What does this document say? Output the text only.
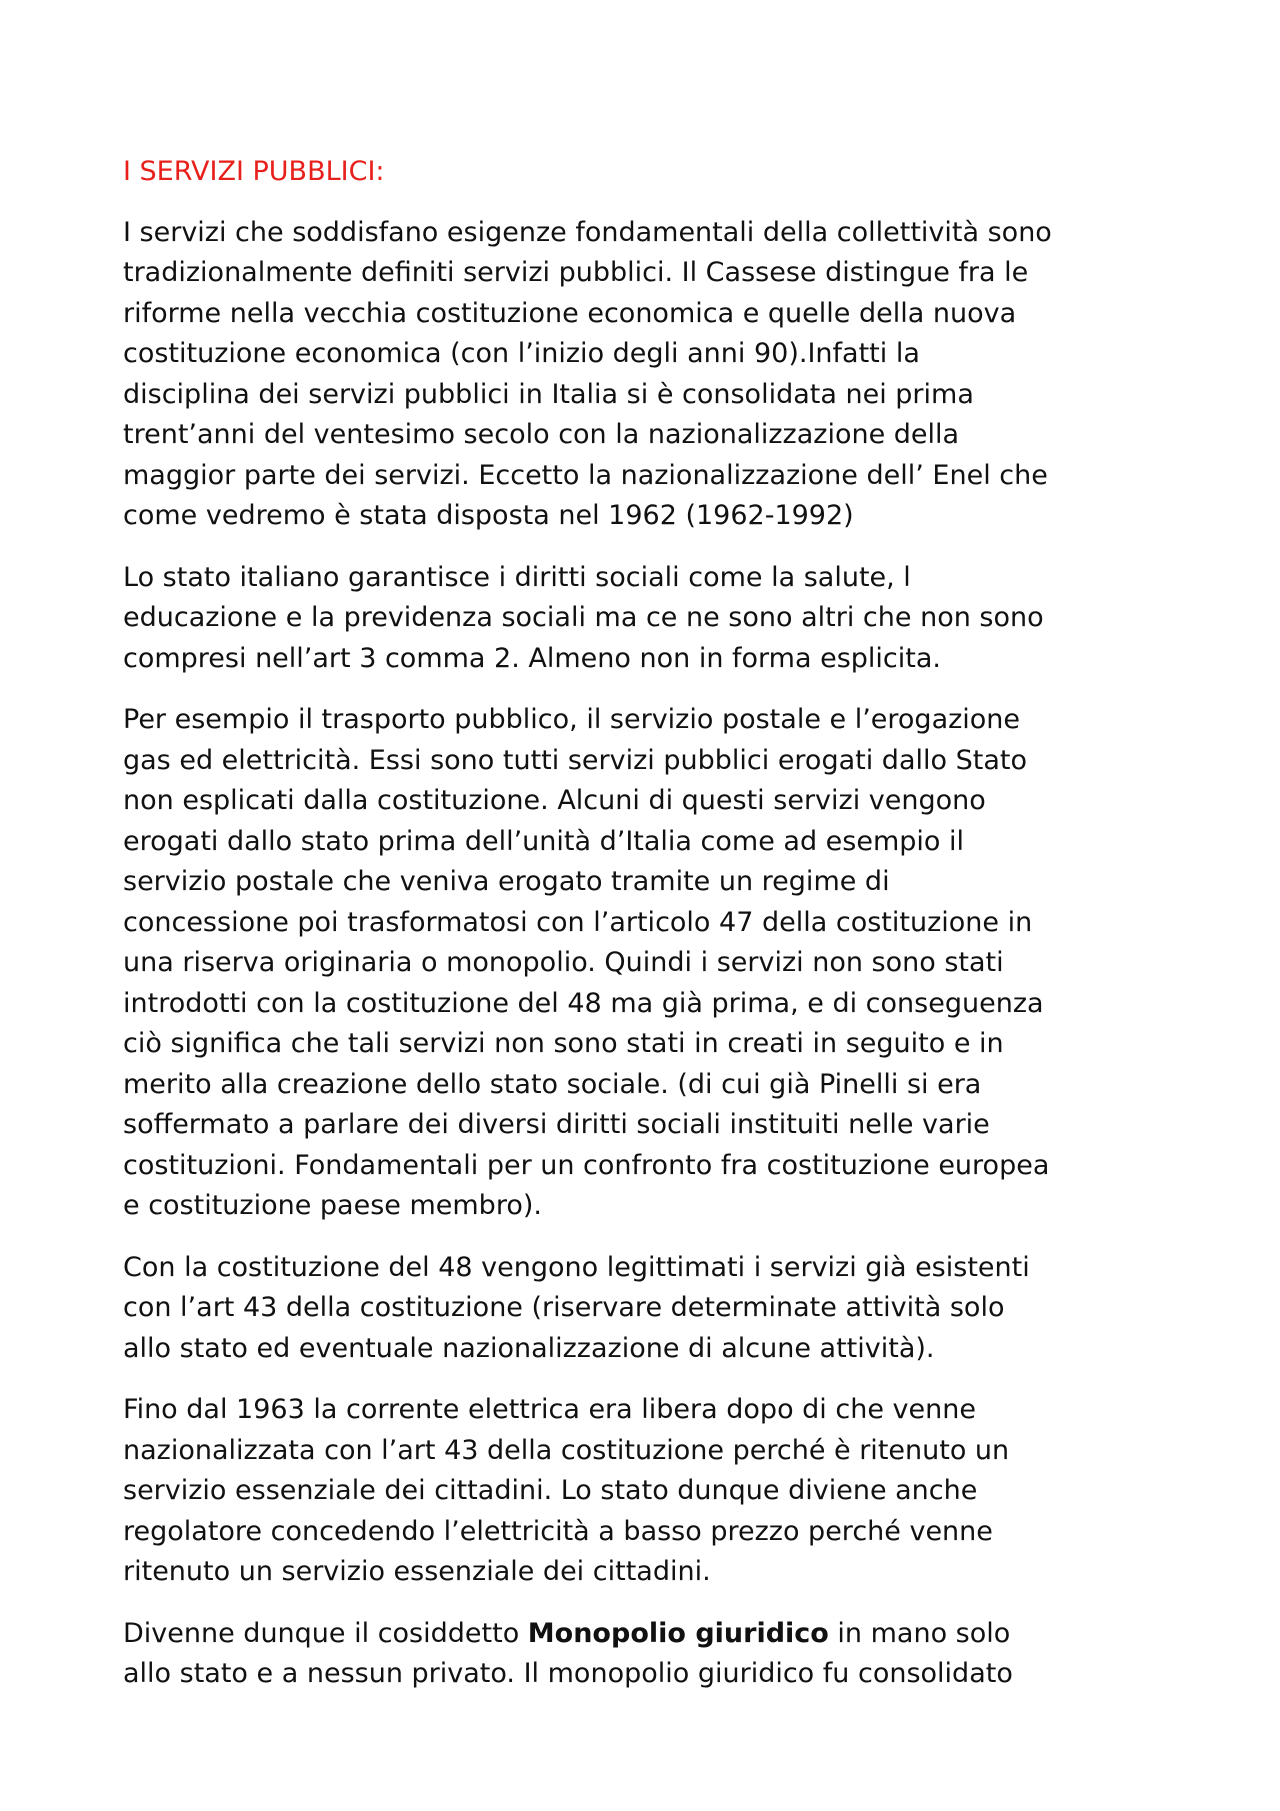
I SERVIZI PUBBLICI:
I servizi che soddisfano esigenze fondamentali della collettività sono
tradizionalmente definiti servizi pubblici. Il Cassese distingue fra le
riforme nella vecchia costituzione economica e quelle della nuova
costituzione economica (con l’inizio degli anni 90).Infatti la
disciplina dei servizi pubblici in Italia si è consolidata nei prima
trent’anni del ventesimo secolo con la nazionalizzazione della
maggior parte dei servizi. Eccetto la nazionalizzazione dell’ Enel che
come vedremo è stata disposta nel 1962 (1962-1992)
Lo stato italiano garantisce i diritti sociali come la salute, l
educazione e la previdenza sociali ma ce ne sono altri che non sono
compresi nell’art 3 comma 2. Almeno non in forma esplicita.
Per esempio il trasporto pubblico, il servizio postale e l’erogazione
gas ed elettricità. Essi sono tutti servizi pubblici erogati dallo Stato
non esplicati dalla costituzione. Alcuni di questi servizi vengono
erogati dallo stato prima dell’unità d’Italia come ad esempio il
servizio postale che veniva erogato tramite un regime di
concessione poi trasformatosi con l’articolo 47 della costituzione in
una riserva originaria o monopolio. Quindi i servizi non sono stati
introdotti con la costituzione del 48 ma già prima, e di conseguenza
ciò significa che tali servizi non sono stati in creati in seguito e in
merito alla creazione dello stato sociale. (di cui già Pinelli si era
soffermato a parlare dei diversi diritti sociali instituiti nelle varie
costituzioni. Fondamentali per un confronto fra costituzione europea
e costituzione paese membro).
Con la costituzione del 48 vengono legittimati i servizi già esistenti
con l’art 43 della costituzione (riservare determinate attività solo
allo stato ed eventuale nazionalizzazione di alcune attività).
Fino dal 1963 la corrente elettrica era libera dopo di che venne
nazionalizzata con l’art 43 della costituzione perché è ritenuto un
servizio essenziale dei cittadini. Lo stato dunque diviene anche
regolatore concedendo l’elettricità a basso prezzo perché venne
ritenuto un servizio essenziale dei cittadini.
Divenne dunque il cosiddetto Monopolio giuridico in mano solo
allo stato e a nessun privato. Il monopolio giuridico fu consolidato
